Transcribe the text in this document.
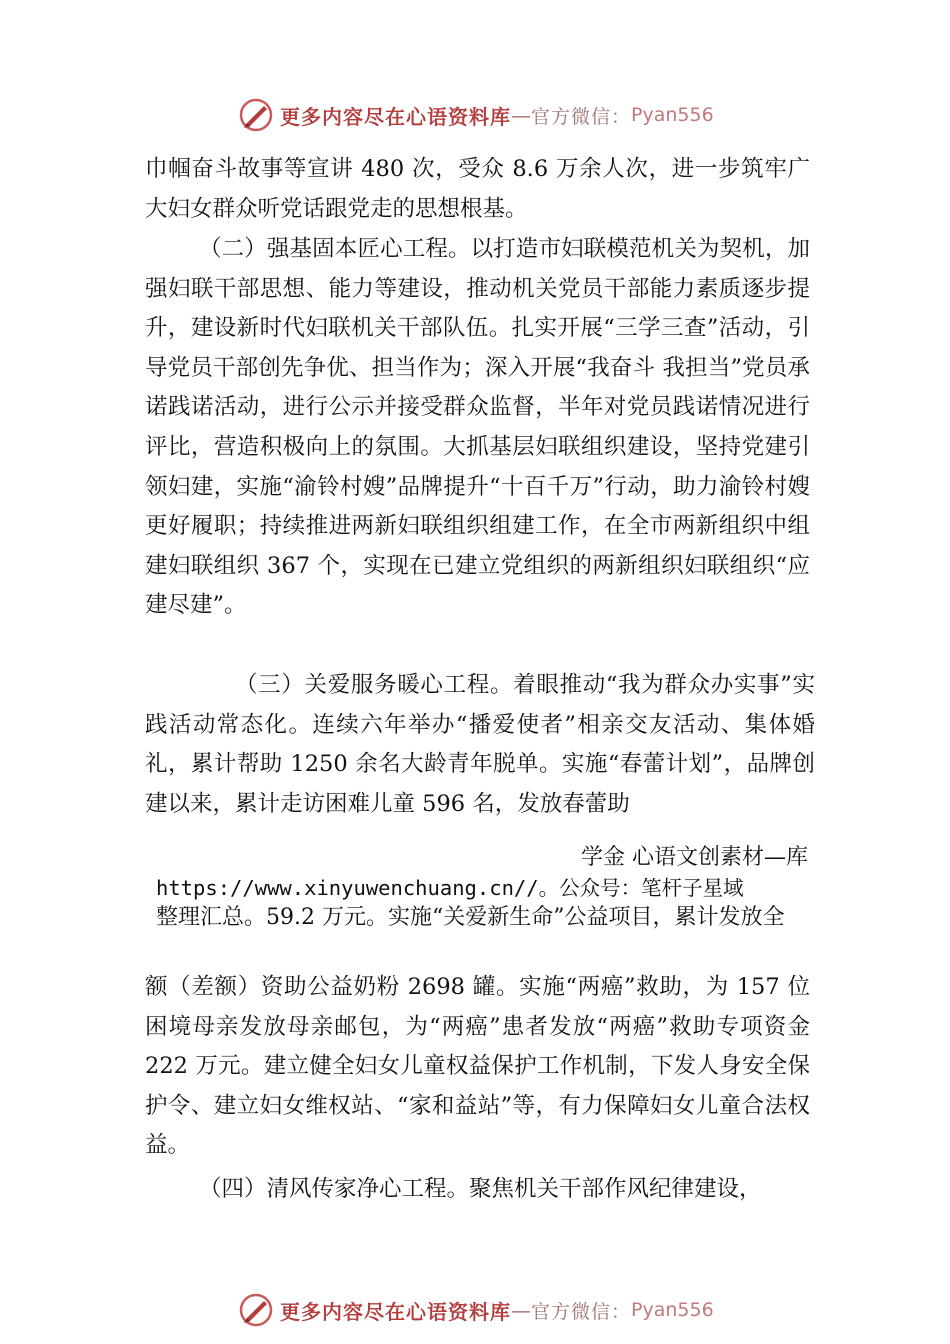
更多内容尽在心语资料库 — 官方微信： Pyan556

巾帼奋斗故事等宣讲 480 次，受众 8.6 万余人次，进一步筑牢广大妇女群众听党话跟党走的思想根基。

（二）强基固本匠心工程。以打造市妇联模范机关为契机，加强妇联干部思想、能力等建设，推动机关党员干部能力素质逐步提升，建设新时代妇联机关干部队伍。扎实开展“三学三查”活动，引导党员干部创先争优、担当作为；深入开展“我奋斗 我担当”党员承诺践诺活动，进行公示并接受群众监督，半年对党员践诺情况进行评比，营造积极向上的氛围。大抓基层妇联组织建设，坚持党建引领妇建，实施“渝铃村嫂”品牌提升“十百千万”行动，助力渝铃村嫂更好履职；持续推进两新妇联组织组建工作，在全市两新组织中组建妇联组织 367 个，实现在已建立党组织的两新组织妇联组织“应建尽建”。

（三）关爱服务暖心工程。着眼推动“我为群众办实事”实践活动常态化。连续六年举办“播爱使者”相亲交友活动、集体婚礼，累计帮助 1250 余名大龄青年脱单。实施“春蕾计划”，品牌创建以来，累计走访困难儿童 596 名，发放春蕾助

学金 心语文创素材—库
https://www.xinyuwenchuang.cn//。公众号：笔杆子星域
整理汇总。59.2 万元。实施“关爱新生命”公益项目，累计发放全

额（差额）资助公益奶粉 2698 罐。实施“两癌”救助，为 157 位困境母亲发放母亲邮包，为“两癌”患者发放“两癌”救助专项资金 222 万元。建立健全妇女儿童权益保护工作机制，下发人身安全保护令、建立妇女维权站、“家和益站”等，有力保障妇女儿童合法权益。

（四）清风传家净心工程。聚焦机关干部作风纪律建设，

更多内容尽在心语资料库 — 官方微信： Pyan556
